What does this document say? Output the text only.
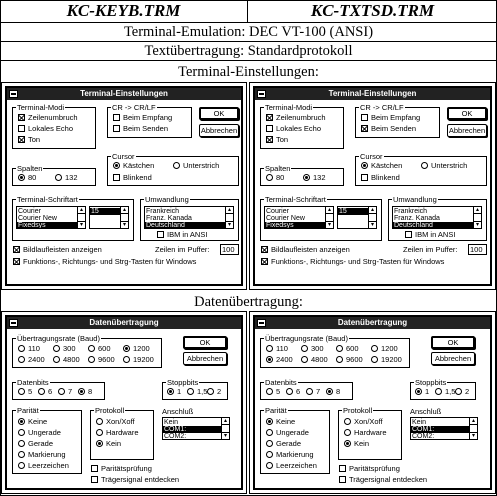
KC-KEYB.TRM	KC-TXTSD.TRM
Terminal-Emulation: DEC VT-100 (ANSI)
Textübertragung: Standardprotokoll
Terminal-Einstellungen:
Datenübertragung:
Terminal-Einstellungen
Terminal-Modi
Zeilenumbruch
Lokales Echo
Ton
CR -> CR/LF
Beim Empfang
Beim Senden
OK
Abbrechen
Cursor
Kästchen	Unterstrich
Blinkend
Spalten
80	132
Terminal-Schriftart
Courier
Courier New
Fixedsys
▴
▾
15	▴
▾
Umwandlung
Frankreich
Franz. Kanada
Deutschland
▴
▾
IBM in ANSI
Bildlaufleisten anzeigen	Zeilen im Puffer: 100
Funktions-, Richtungs- und Strg-Tasten für Windows
Terminal-Einstellungen
Terminal-Modi
Zeilenumbruch
Lokales Echo
Ton
CR -> CR/LF
Beim Empfang
Beim Senden
OK
Abbrechen
Cursor
Kästchen	Unterstrich
Blinkend
Spalten
80	132
Terminal-Schriftart
Courier
Courier New
Fixedsys
▴
▾
15	▴
▾
Umwandlung
Frankreich
Franz. Kanada
Deutschland
▴
▾
IBM in ANSI
Bildlaufleisten anzeigen	Zeilen im Puffer: 100
Funktions-, Richtungs- und Strg-Tasten für Windows
Datenübertragung
Übertragungsrate (Baud)
110	300	600	1200
2400 4800 9600 19200
OK
Abbrechen
Datenbits
5 6 7 8
Stoppbits
1 1,5 2
Parität
Keine
Ungerade
Gerade
Markierung
Leerzeichen
Protokoll
Xon/Xoff
Hardware
Kein
Anschluß
Kein
COM1:
COM2:
▴
▾
Paritätsprüfung
Trägersignal entdecken
Datenübertragung
Übertragungsrate (Baud)
110	300	600	1200
2400 4800 9600 19200
OK
Abbrechen
Datenbits
5 6 7 8
Stoppbits
1 1,5 2
Parität
Keine
Ungerade
Gerade
Markierung
Leerzeichen
Protokoll
Xon/Xoff
Hardware
Kein
Anschluß
Kein
COM1:
COM2:
▴
▾
Paritätsprüfung
Trägersignal entdecken
